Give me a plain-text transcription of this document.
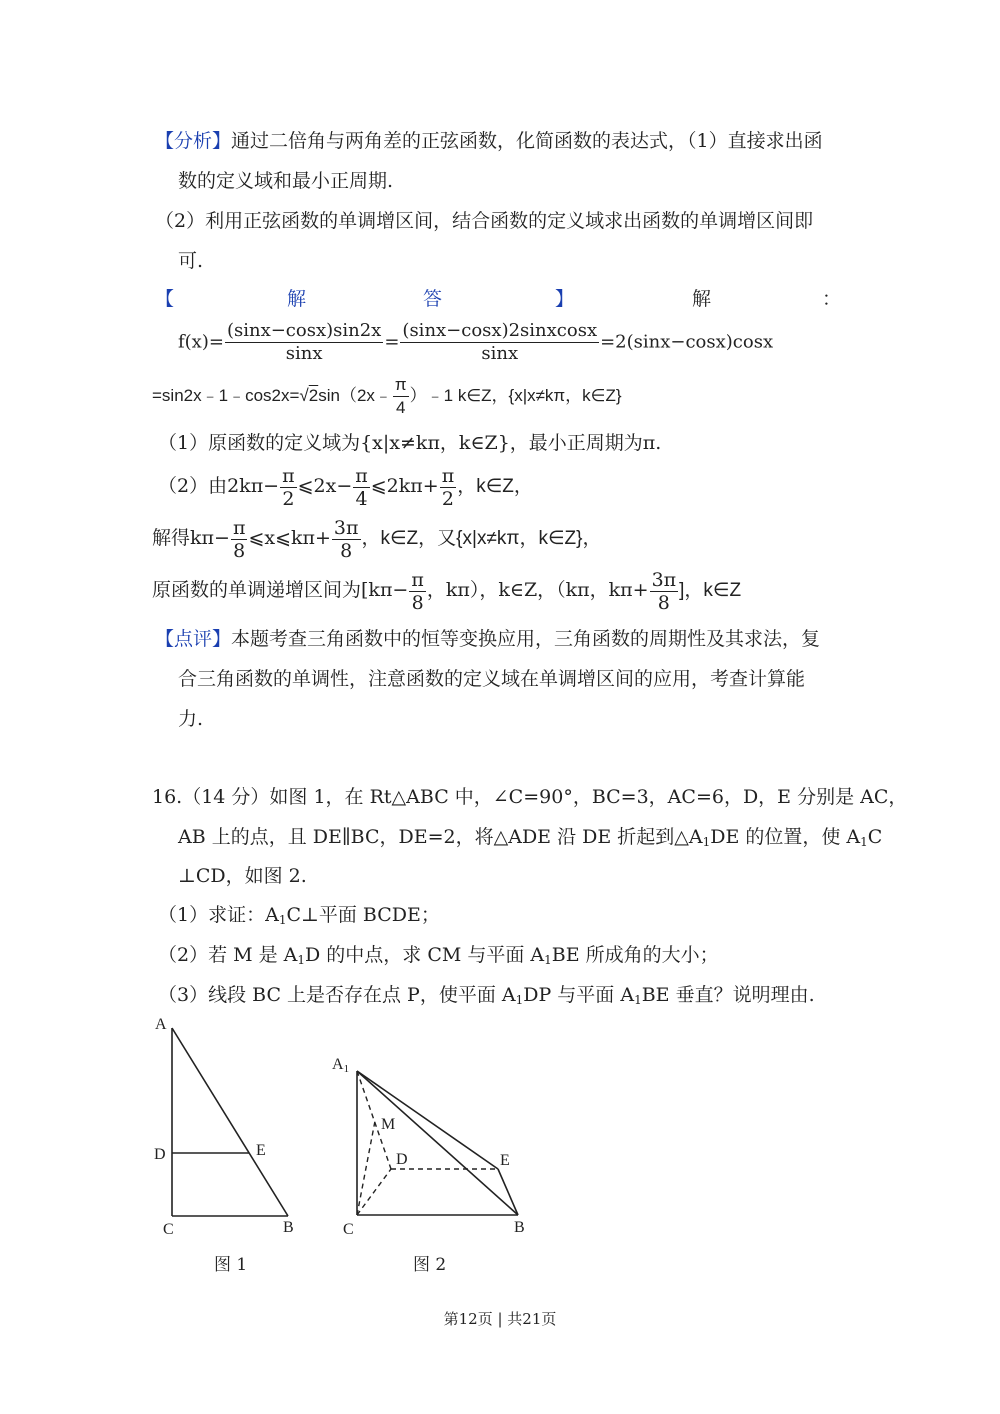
【分析】通过二倍角与两角差的正弦函数，化简函数的表达式，（1）直接求出函
数的定义域和最小正周期.
（2）利用正弦函数的单调增区间，结合函数的定义域求出函数的单调增区间即
可.
【	解	答	】	解	：
$f(x)= \frac{(\sin x-\cos x)\sin 2x}{\sin x} = \frac{\text{(sinx−cosx)2sinxcosx}}{\sin x} =2(\sin x-\cos x)\cos x$
=sin2x﹣1﹣cos2x=√2sin（2x﹣ $\frac{\pi}{4}$ ）﹣1 k∈Z，{x|x≠kπ，k∈Z}
（1）原函数的定义域为{x|x≠kπ，k∈Z}，最小正周期为π.
（2）由$2k\pi- \frac{\pi}{2}$ ⩽2x− $\frac{\pi}{4}$ ⩽2kπ+ $\frac{\pi}{2}$ ，k∈Z，
解得$k\pi- \frac{\pi}{8}$ ⩽x⩽kπ+ $\frac{3\pi}{8}$ ，k∈Z，又{x|x≠kπ，k∈Z}，
原函数的单调递增区间为[$k\pi- \frac{\pi}{8}$ ，kπ），k∈Z，（kπ，$k\pi+ \frac{3\pi}{8}$ ]，k∈Z
【点评】本题考查三角函数中的恒等变换应用，三角函数的周期性及其求法，复
合三角函数的单调性，注意函数的定义域在单调增区间的应用，考查计算能
力.
16.（14 分）如图 1，在 Rt△ABC 中，∠C=90°，BC=3，AC=6，D，E 分别是 AC，
AB 上的点，且 DE∥BC，DE=2，将△ADE 沿 DE 折起到$\triangle A_1DE$ 的位置，使 $A_1C$
⊥CD，如图 2.
（1）求证：$A_1C\perp$平面 BCDE；
（2）若 M 是 $A_1D$ 的中点，求 CM 与平面 $A_1BE$ 所成角的大小；
（3）线段 BC 上是否存在点 P，使平面 $A_1DP$ 与平面 $A_1BE$ 垂直？说明理由.
A
D	E
C	B
图 1
A1
M
D	E
C	B
图 2
第12页 | 共21页
